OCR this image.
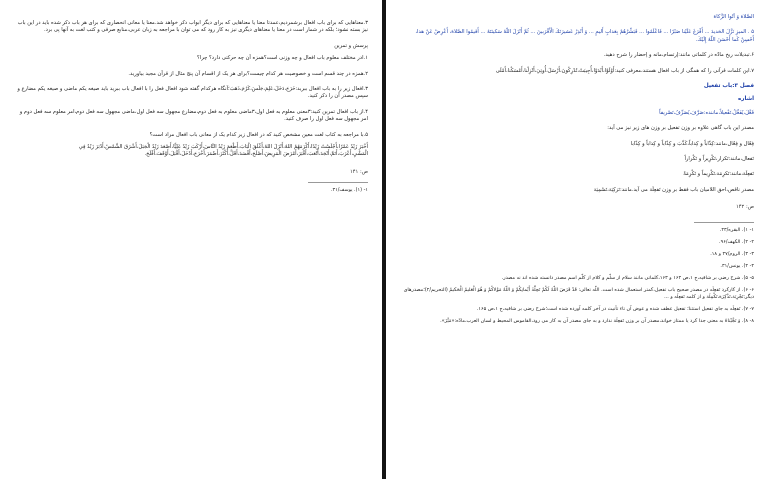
۳.معناهایی که برای باب افعال برشمردیم،عمدتا معنا یا معناهایی که برای دیگر ابواب ذکر خواهد شد.معنا یا معانی انحصاری که برای هر باب ذکر شده باید در این باب نیز بسته نشود؛ بلکه در شمار است در معنا یا معناهای دیگری نیز به کار رود که می توان با مراجعه به زبان عربی،منابع صرفی و کتب لغت به آنها پی برد.

پرسش و تمرین

۱.ادر مختلف معلوم باب افعال و چه وزنی است؟همزه آن چه حرکتی دارد؟ چرا؟

۲.همزه در چند قسم است و خصوصیت هر کدام چیست؟برای هر یک از اقسام آن پنج مثال از قرآن مجید بیاورید.

۳.افعال زیر را به باب افعال ببرید:خَرَجَ،دَخَلَ،عَلِمَ،جَلَسَ،کَرُمَ،ذَهَبَ؛آنگاه هرکدام گفته شود افعال فعل را با افعال باب ببرید باید صیغه یکم ماضی و صیغه یکم مضارع و سپس مصدر آن را ذکر کنید.

۴.از باب افعال تمرین کنید:۳معنی معلوم به فعل اول،۳ماضی معلوم به فعل دوم،مضارع مجهول سه فعل اول،ماضی مجهول سه فعل دوم،امر معلوم سه فعل دوم و امر مجهول سه فعل اول را صرف کنید.

۵.با مراجعه به کتاب لغت معین مشخص کنید که در افعال زیر کدام یک از معانی باب افعال مراد است؟

أَخْبَرَ زَيْدٌ عَمْرًا،أَجْلَسْتُ زَيْدًا،أَكْرَمَهُمُ اللهُ،أَنْزَلَ اللهُ،أَغْلَقَ الْبَابَ،أَطْعَمَ زَيْدٌ النَّاسَ،أَرْكَبَ زَيْدٌ عَلِيًّا،أَصْعَدَ زَيْدٌ الْجَبَلَ،أَشْرَقَ الشَّمْسُ،أَدْبَرَ زَيْدٌ فِي الْمَشْيِ،أَعْرَبَ،أَتَمَّ،أَنْجَدَ،أَتْعَبَ،أَقْبَرَ،أَمْرَضَ الْمَرِيضَ،أَصْلَحَ،أَفْسَدَ،أَقَلَّ،أَكْثَرَ،أَضْمَرَ،أَخْرَجَ،أَدْخَلَ،أَقْبَلَ،أَوْقَفَ،أَفْلَحَ.

ص: ۱۴۱

۱- (۱). یوسف/۳۱.

الصَّلاةَ وَ آتُوا الزَّكاةَ

۵ . الميزِ نَزَّلَ الحَديدَ ... أَفْرَغَ عَلَيْنا صَبْرًا ... فَاعْلَمُوا ... فَبَشِّرْهُمْ بِعَذابٍ أَليمٍ ... وَ أَنْذِرْ عَشيرَتَكَ الْأَقْرَبينَ ... ثُمَّ أَنْزَلَ اللّهُ سَكينَتَهُ ... أَقيمُوا الصَّلاةَ، أَعْرِضْ عَنْ هذا، أَحْسِنْ كَما أَحْسَنَ اللّهُ إِلَيْكَ.

۶.تبدیلات ریخ مادّه در کلماتی مانند:إرتسام،مانه و إحضار را شرح دهید.

۷.این کلمات قرآنی را که همگی از باب افعال هستند،معرفی کنید:أَوْلَوْا،أَبْدَوْا،أُجِيبَتْ،تُدْرِكُونَ،أَرْسَلَ،أُوتِيَ،أَنْزِلْنا،أَمْسَكْنا،أَمْلَى

فصل ۳:باب تفعیل

اشاره

فَعَّلَ،يُفَعِّلُ،تَفْعيلاً،ماننده:صَرَّفَ،يُصَرِّفُ،تَصْريفاً

مصدر این باب گاهی علاوه بر وزن تفعیل بر وزن های زیر نیز می آید:

فِعّال و فِعّال،مانند:كِذّاباً و كِذاباً،كَذَّبَ و كِذّاباً و كِذاباً و كِذّابا

تَفعال،مانند:تَكرار،تَكْرِيراً و تَكْراراً

تَفعِلَة،مانند:تَكرِمَة،تَكْرِيماً و تَكْرِمَةً

مصدر ناقص،احق اللامیان باب فقط بر وزن تَفعِلَة می آید.مانند:تَزكِيَة،تَسْمِيَة

ص: ۱۴۲

۱- ۱). البقره/۴۳.

۲- ۲). الکهف/۹۶.

۳- ۳). الروم/۴۷ و ۱۸.

۴- ۴). یونس/۳۱.

۵- ۵). شرح رضی بر شافیه،ج ۱،ص ۱۶۴ و ۱۶۳،کلماتی مانند سلام از سلّم و کلام از کلّم اسم مصدر دانسته شده اند نه مصدر.

۶- ۶). از کارکرد تَفعِلَه در مصدر صحیح باب تفعیل،کمتر استعمال شده است. اللّه تعالی: قَدْ فَرَضَ اللّهُ لَكُمْ تَحِلَّةَ أَيْمانِكُمْ وَ اللّهُ مَوْلاكُمْ وَ هُوَ الْعَليمُ الْحَكيمُ (التحریم/۲)؛مصدرهای دیگر:تَجْرِبَة،تَذْكِرَة،تَكْمِلَة و از کلمه تَفعِلَه و ...

۷- ۷). تَفعِلَه به جای تفعیل استثنا؛ تفعیل عطف شده و عوض آن تاء تأنیث در آخر کلمه آورده شده است؛شرح رضی بر شافیه،ج ۱،ص ۱۶۵.

۸- ۸). وَ نَجَّيْناهُ به معنی جدا کرد یا ممتاز خواند،مصدر آن بر وزن تَفعِلَة ندارد و به جای مصدر آن به کار می رود،القاموس المحیط و لسان العرب،مادّه:«مَيَّزَ».
